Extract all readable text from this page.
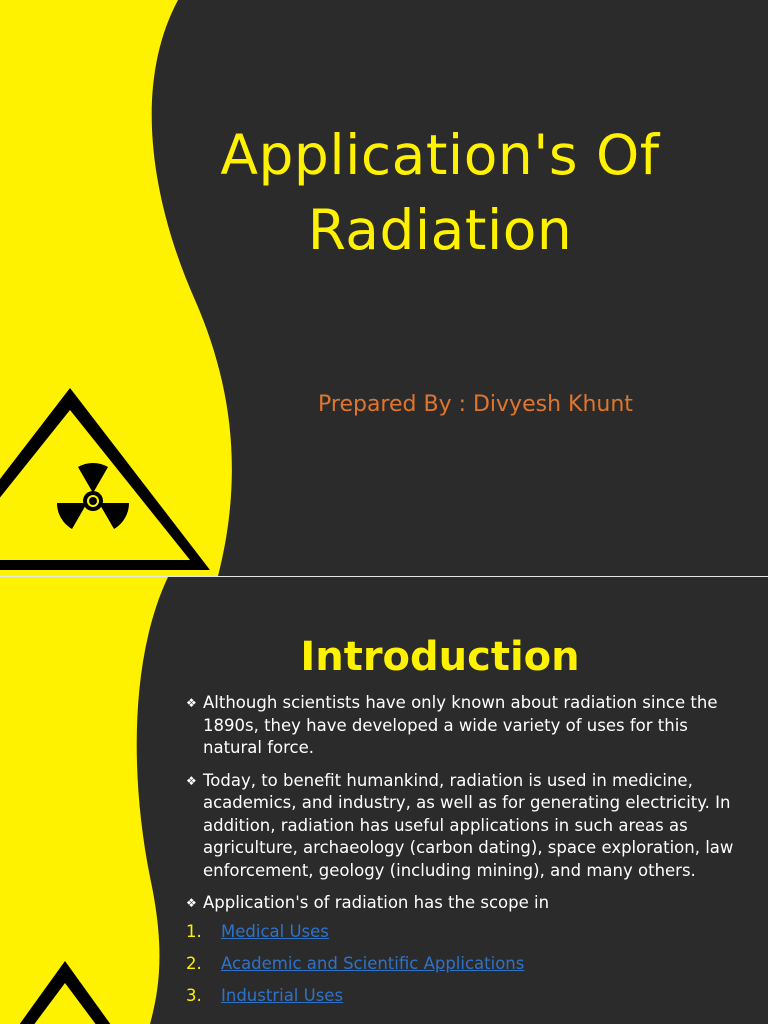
Application's Of Radiation
Prepared By : Divyesh Khunt
Introduction
❖ Although scientists have only known about radiation since the 1890s, they have developed a wide variety of uses for this natural force.
❖ Today, to benefit humankind, radiation is used in medicine, academics, and industry, as well as for generating electricity. In addition, radiation has useful applications in such areas as agriculture, archaeology (carbon dating), space exploration, law enforcement, geology (including mining), and many others.
❖ Application's of radiation has the scope in
1. Medical Uses
2. Academic and Scientific Applications
3. Industrial Uses
